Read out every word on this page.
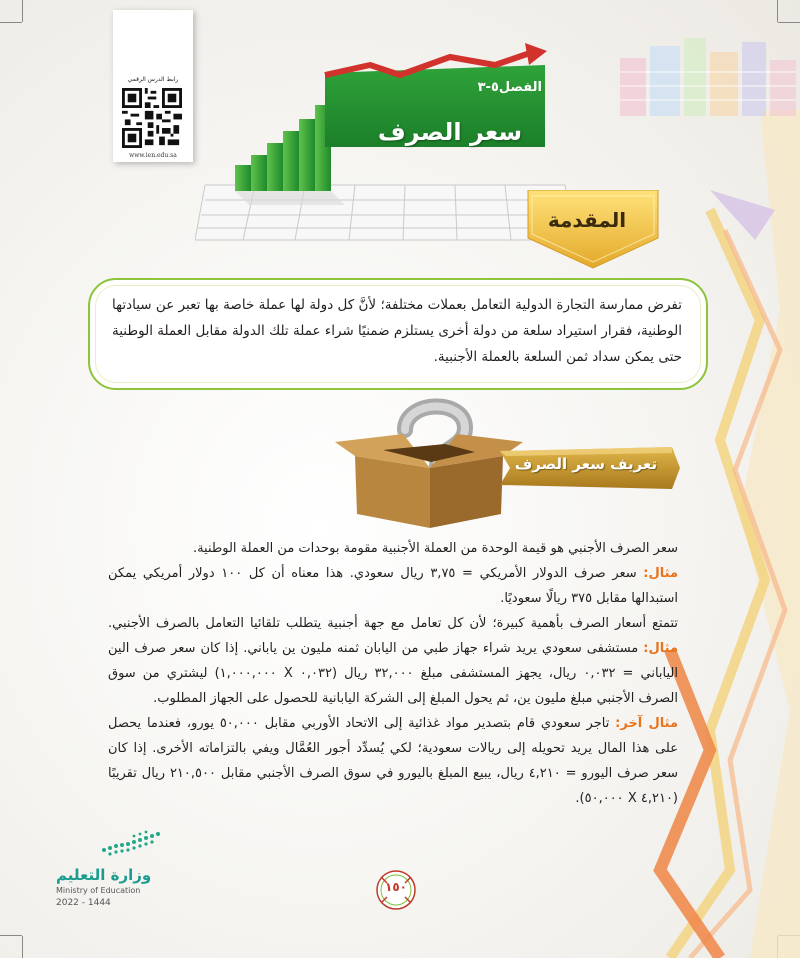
رابط الدرس الرقمي
www.ien.edu.sa
الفصل٥-٣
سعر الصرف
المقدمة
تفرض ممارسة التجارة الدولية التعامل بعملات مختلفة؛ لأنَّ كل دولة لها عملة خاصة بها تعبر عن سيادتها الوطنية، فقرار استيراد سلعة من دولة أخرى يستلزم ضمنيًا شراء عملة تلك الدولة مقابل العملة الوطنية حتى يمكن سداد ثمن السلعة بالعملة الأجنبية.
تعريف سعر الصرف

سعر الصرف الأجنبي هو قيمة الوحدة من العملة الأجنبية مقومة بوحدات من العملة الوطنية.

مثال: سعر صرف الدولار الأمريكي = ٣,٧٥ ريال سعودي. هذا معناه أن كل ١٠٠ دولار أمريكي يمكن استبدالها مقابل ٣٧٥ ريالًا سعوديًا.

تتمتع أسعار الصرف بأهمية كبيرة؛ لأن كل تعامل مع جهة أجنبية يتطلب تلقائيا التعامل بالصرف الأجنبي. مثال: مستشفى سعودي يريد شراء جهاز طبي من اليابان ثمنه مليون ين ياباني. إذا كان سعر صرف الين الياباني = ٠,٠٣٢ ريال، يجهز المستشفى مبلغ ٣٢,٠٠٠ ريال (٠,٠٣٢ X ١,٠٠٠,٠٠٠) ليشتري من سوق الصرف الأجنبي مبلغ مليون ين، ثم يحول المبلغ إلى الشركة اليابانية للحصول على الجهاز المطلوب.

مثال آخر: تاجر سعودي قام بتصدير مواد غذائية إلى الاتحاد الأوربي مقابل ٥٠,٠٠٠ يورو، فعندما يحصل على هذا المال يريد تحويله إلى ريالات سعودية؛ لكي يُسدِّد أجور العُمَّال ويفي بالتزاماته الأخرى. إذا كان سعر صرف اليورو = ٤,٢١٠ ريال، يبيع المبلغ باليورو في سوق الصرف الأجنبي مقابل ٢١٠,٥٠٠ ريال تقريبًا (٤,٢١٠ X ٥٠,٠٠٠).

وزارة التعليم
Ministry of Education
2022 - 1444
١٥٠
